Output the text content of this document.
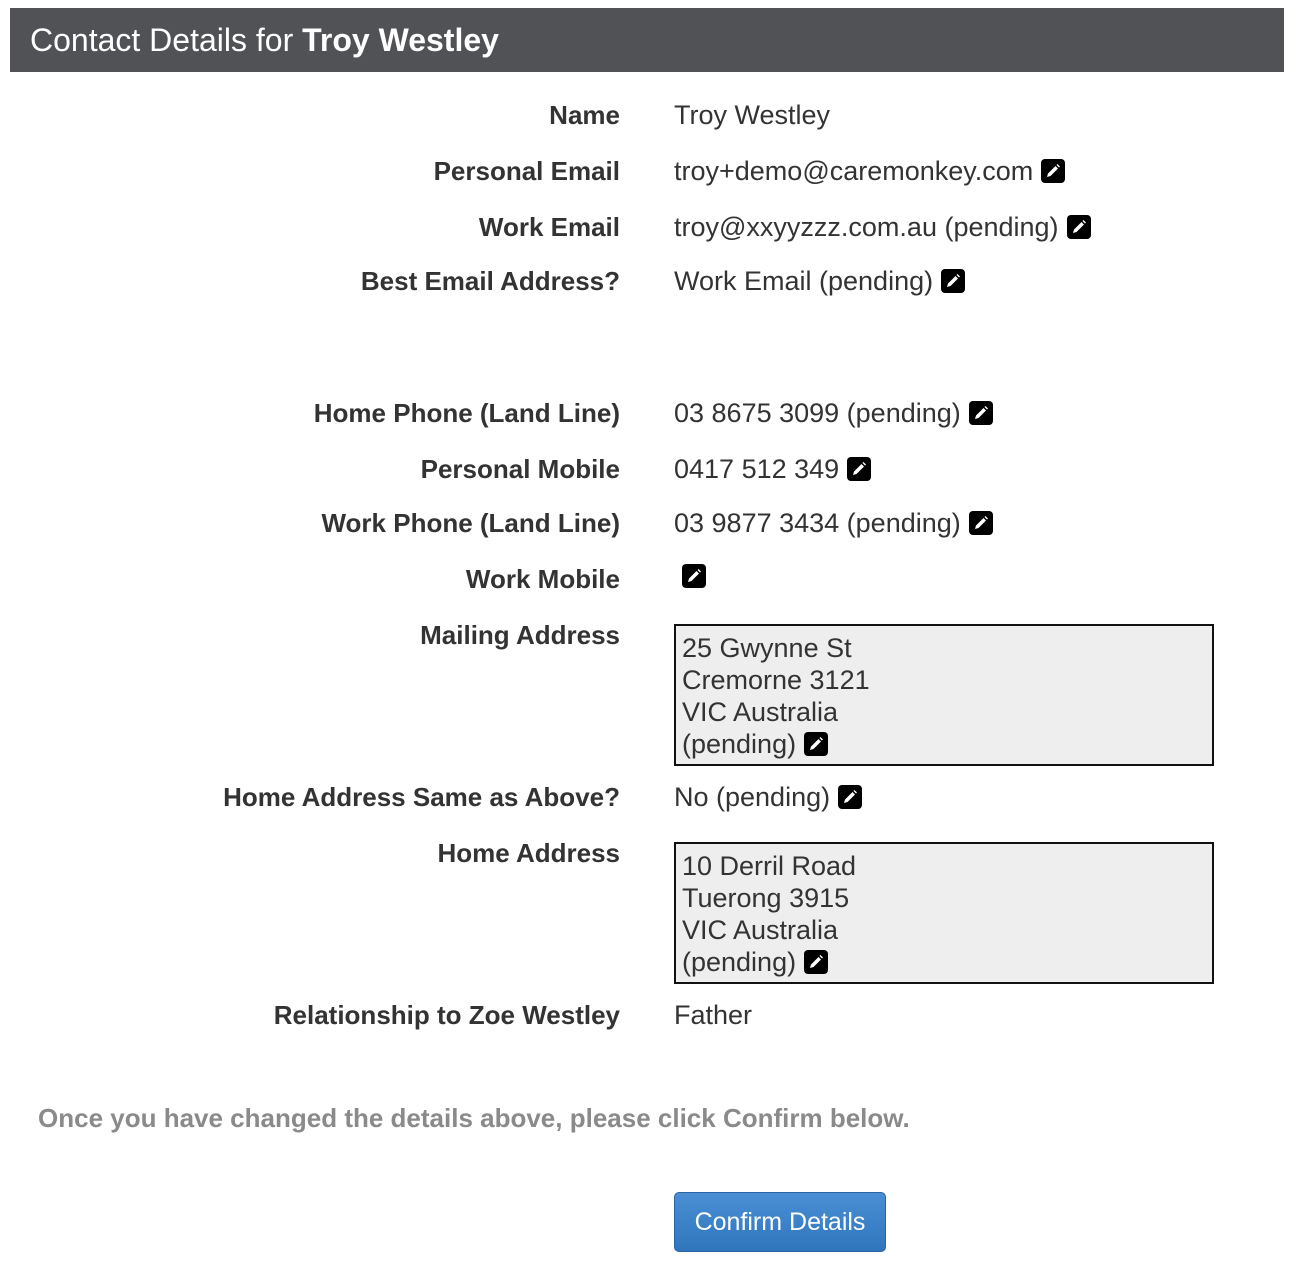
Contact Details for Troy Westley
Name Troy Westley
Personal Email troy+demo@caremonkey.com
Work Email troy@xxyyzzz.com.au (pending)
Best Email Address? Work Email (pending)
Home Phone (Land Line) 03 8675 3099 (pending)
Personal Mobile 0417 512 349
Work Phone (Land Line) 03 9877 3434 (pending)
Work Mobile
Mailing Address 25 Gwynne St
Cremorne 3121
VIC Australia
(pending)
Home Address Same as Above? No (pending)
Home Address 10 Derril Road
Tuerong 3915
VIC Australia
(pending)
Relationship to Zoe Westley Father
Once you have changed the details above, please click Confirm below.
Confirm Details
